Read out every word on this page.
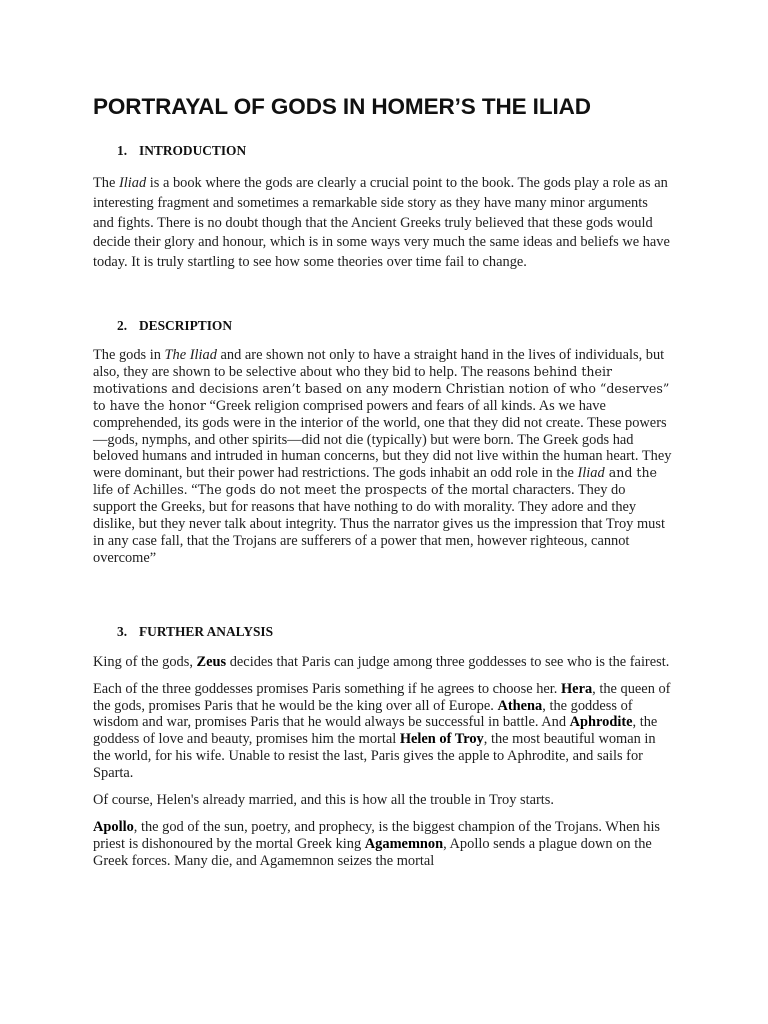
PORTRAYAL OF GODS IN HOMER’S THE ILIAD
1. INTRODUCTION

The Iliad is a book where the gods are clearly a crucial point to the book. The gods play a role as an interesting fragment and sometimes a remarkable side story as they have many minor arguments and fights. There is no doubt though that the Ancient Greeks truly believed that these gods would decide their glory and honour, which is in some ways very much the same ideas and beliefs we have today. It is truly startling to see how some theories over time fail to change.

2. DESCRIPTION

The gods in The Iliad and are shown not only to have a straight hand in the lives of individuals, but also, they are shown to be selective about who they bid to help. The reasons behind their motivations and decisions aren’t based on any modern Christian notion of who “deserves” to have the honor “Greek religion comprised powers and fears of all kinds. As we have comprehended, its gods were in the interior of the world, one that they did not create. These powers—gods, nymphs, and other spirits—did not die (typically) but were born. The Greek gods had beloved humans and intruded in human concerns, but they did not live within the human heart. They were dominant, but their power had restrictions. The gods inhabit an odd role in the Iliad and the life of Achilles. “The gods do not meet the prospects of the mortal characters. They do support the Greeks, but for reasons that have nothing to do with morality. They adore and they dislike, but they never talk about integrity. Thus the narrator gives us the impression that Troy must in any case fall, that the Trojans are sufferers of a power that men, however righteous, cannot overcome”

3. FURTHER ANALYSIS

King of the gods, Zeus decides that Paris can judge among three goddesses to see who is the fairest.

Each of the three goddesses promises Paris something if he agrees to choose her. Hera, the queen of the gods, promises Paris that he would be the king over all of Europe. Athena, the goddess of wisdom and war, promises Paris that he would always be successful in battle. And Aphrodite, the goddess of love and beauty, promises him the mortal Helen of Troy, the most beautiful woman in the world, for his wife. Unable to resist the last, Paris gives the apple to Aphrodite, and sails for Sparta.

Of course, Helen's already married, and this is how all the trouble in Troy starts.

Apollo, the god of the sun, poetry, and prophecy, is the biggest champion of the Trojans. When his priest is dishonoured by the mortal Greek king Agamemnon, Apollo sends a plague down on the Greek forces. Many die, and Agamemnon seizes the mortal
